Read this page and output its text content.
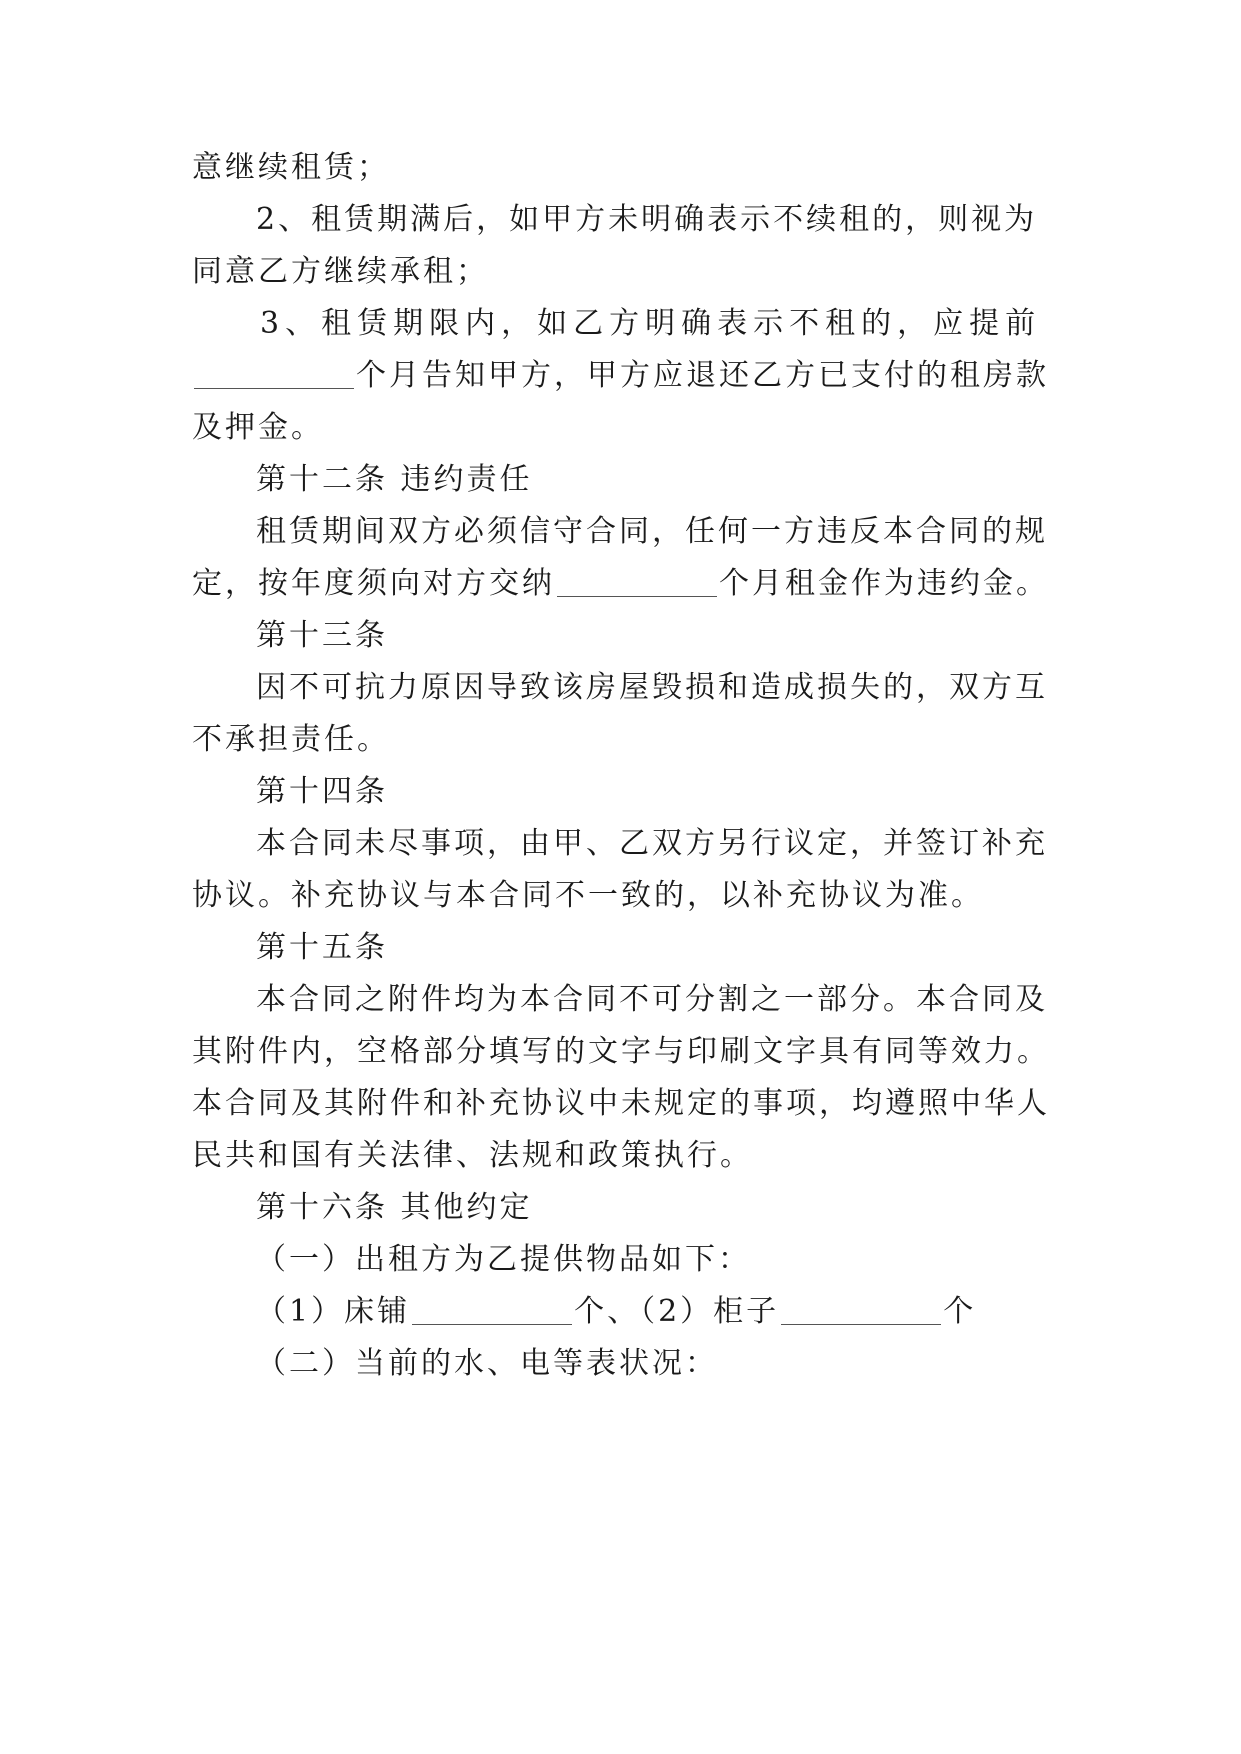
意继续租赁；
2、租赁期满后，如甲方未明确表示不续租的，则视为
同意乙方继续承租；
3、租赁期限内，如乙方明确表示不租的，应提前
个月告知甲方，甲方应退还乙方已支付的租房款
及押金。
第十二条 违约责任
租赁期间双方必须信守合同，任何一方违反本合同的规
定，按年度须向对方交纳	个月租金作为违约金。
第十三条
因不可抗力原因导致该房屋毁损和造成损失的，双方互
不承担责任。
第十四条
本合同未尽事项，由甲、乙双方另行议定，并签订补充
协议。补充协议与本合同不一致的，以补充协议为准。
第十五条
本合同之附件均为本合同不可分割之一部分。本合同及
其附件内，空格部分填写的文字与印刷文字具有同等效力。
本合同及其附件和补充协议中未规定的事项，均遵照中华人
民共和国有关法律、法规和政策执行。
第十六条 其他约定
（一）出租方为乙提供物品如下：
（1）床铺	个、（2）柜子	个
（二）当前的水、电等表状况：
